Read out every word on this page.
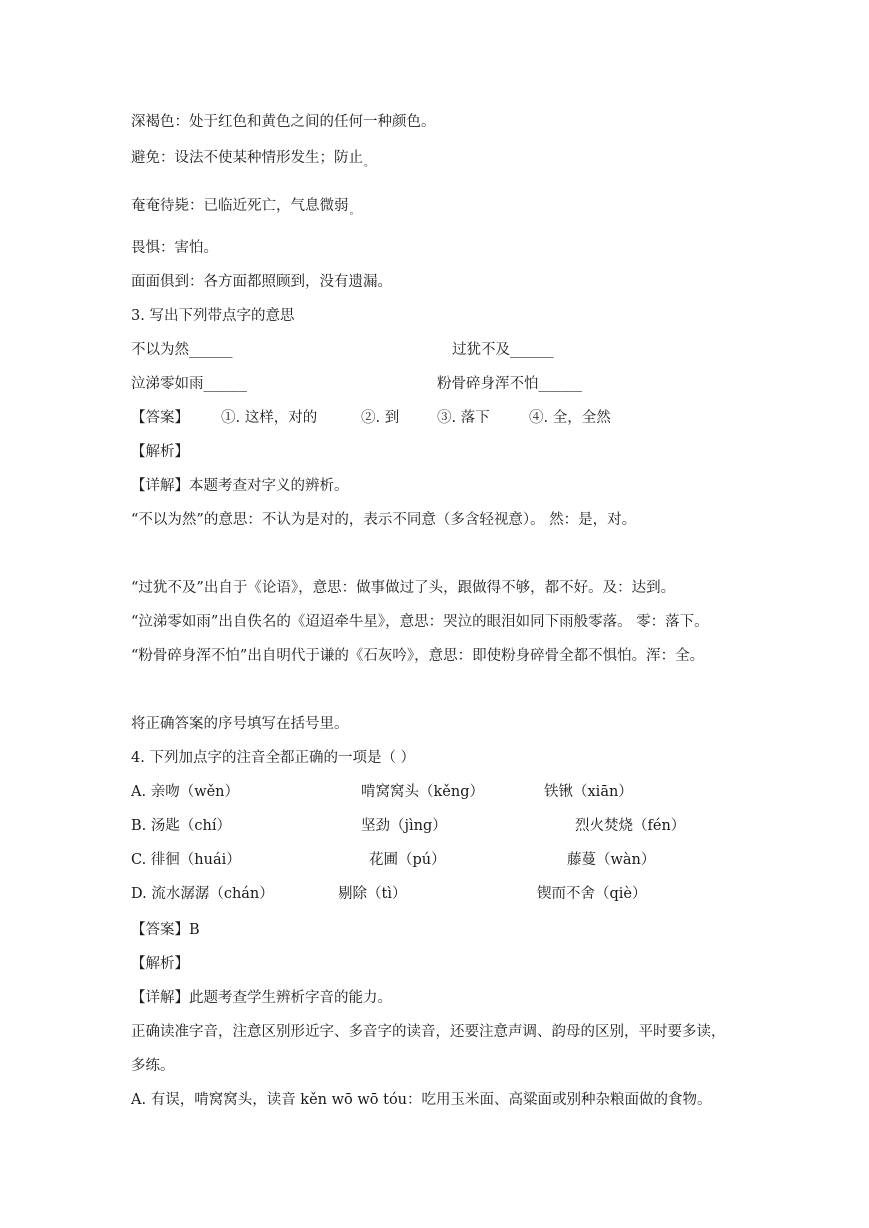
深褐色：处于红色和黄色之间的任何一种颜色。
避免：设法不使某种情形发生；防止$_。$
奄奄待毙：已临近死亡，气息微弱$_。$
畏惧：害怕。
面面俱到：各方面都照顾到，没有遗漏。
3. 写出下列带点字的意思
不以为然______	过犹不及______
泣涕零如雨______	粉骨碎身浑不怕______
【答案】 ①. 这样，对的	②. 到	③. 落下	④. 全，全然
【解析】
【详解】本题考查对字义的辨析。
“不以为然”的意思：不认为是对的，表示不同意（多含轻视意）。 然：是，对。
“过犹不及”出自于《论语》，意思：做事做过了头，跟做得不够，都不好。及：达到。
“泣涕零如雨”出自佚名的《迢迢牵牛星》，意思：哭泣的眼泪如同下雨般零落。 零：落下。
“粉骨碎身浑不怕”出自明代于谦的《石灰吟》，意思：即使粉身碎骨全都不惧怕。浑：全。
将正确答案的序号填写在括号里。
4. 下列加点字的注音全都正确的一项是（ ）
A. 亲吻（wěn）	啃窝窝头（kěng）	铁锹（xiān）
B. 汤匙（chí）	坚劲（jìng）	烈火焚烧（fén）
C. 徘徊（huái）	花圃（pú）	藤蔓（wàn）
D. 流水潺潺（chán）	剔除（tì）	锲而不舍（qiè）
【答案】B
【解析】
【详解】此题考查学生辨析字音的能力。
正确读准字音，注意区别形近字、多音字的读音，还要注意声调、韵母的区别，平时要多读，
多练。
A. 有误，啃窝窝头，读音 kěn wō wō tóu：吃用玉米面、高粱面或别种杂粮面做的食物。
